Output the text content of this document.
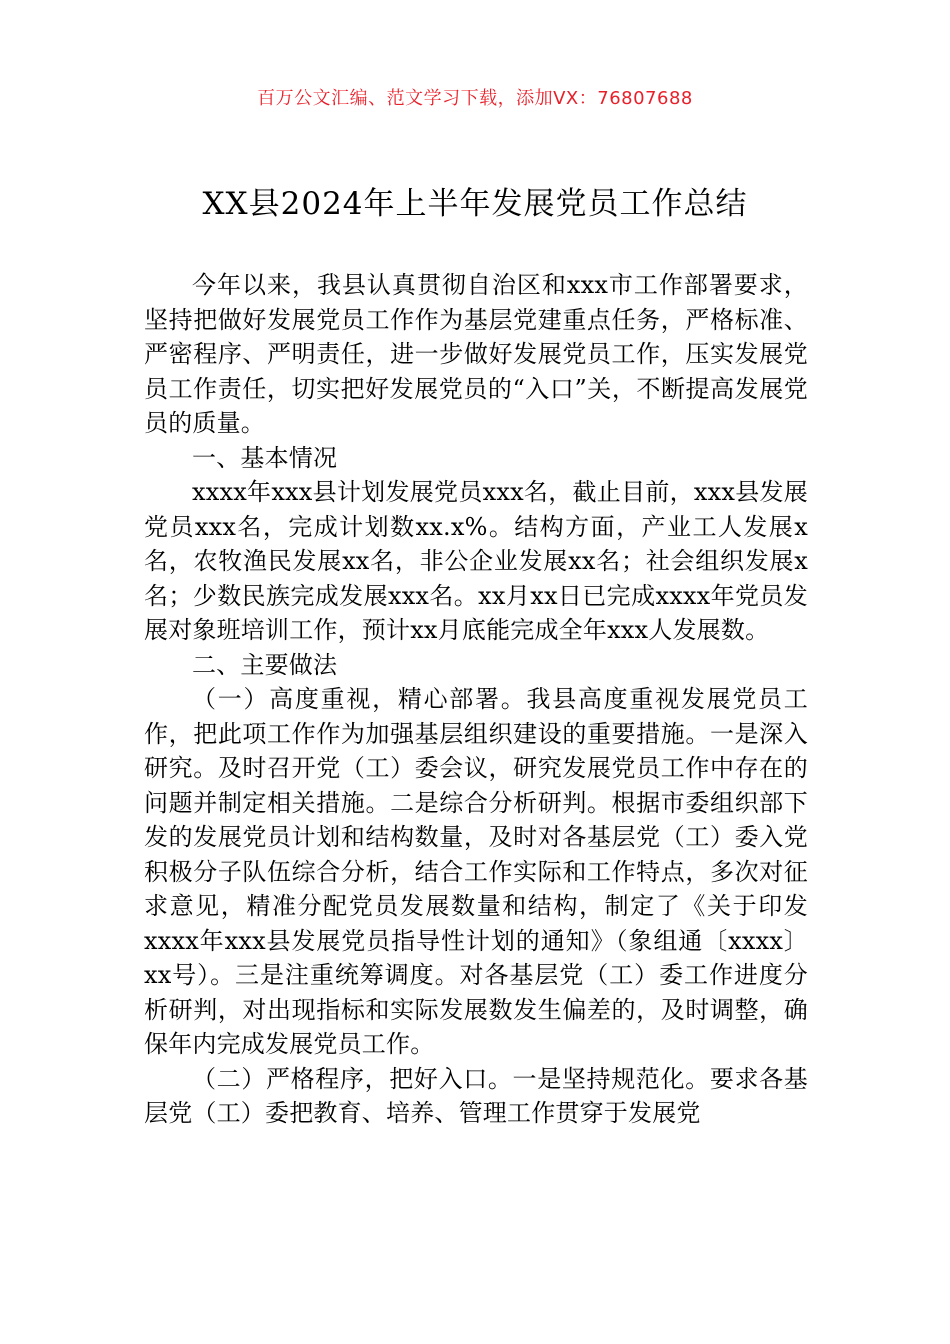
百万公文汇编、范文学习下载，添加VX：76807688
XX县2024年上半年发展党员工作总结

今年以来，我县认真贯彻自治区和xxx市工作部署要求，坚持把做好发展党员工作作为基层党建重点任务，严格标准、严密程序、严明责任，进一步做好发展党员工作，压实发展党员工作责任，切实把好发展党员的“入口”关，不断提高发展党员的质量。

一、基本情况

xxxx年xxx县计划发展党员xxx名，截止目前，xxx县发展党员xxx名，完成计划数xx.x%。结构方面，产业工人发展x名，农牧渔民发展xx名，非公企业发展xx名；社会组织发展x名；少数民族完成发展xxx名。xx月xx日已完成xxxx年党员发展对象班培训工作，预计xx月底能完成全年xxx人发展数。

二、主要做法

（一）高度重视，精心部署。我县高度重视发展党员工作，把此项工作作为加强基层组织建设的重要措施。一是深入研究。及时召开党（工）委会议，研究发展党员工作中存在的问题并制定相关措施。二是综合分析研判。根据市委组织部下发的发展党员计划和结构数量，及时对各基层党（工）委入党积极分子队伍综合分析，结合工作实际和工作特点，多次对征求意见，精准分配党员发展数量和结构，制定了《关于印发xxxx年xxx县发展党员指导性计划的通知》（象组通〔xxxx〕xx号）。三是注重统筹调度。对各基层党（工）委工作进度分析研判，对出现指标和实际发展数发生偏差的，及时调整，确保年内完成发展党员工作。

（二）严格程序，把好入口。一是坚持规范化。要求各基层党（工）委把教育、培养、管理工作贯穿于发展党
